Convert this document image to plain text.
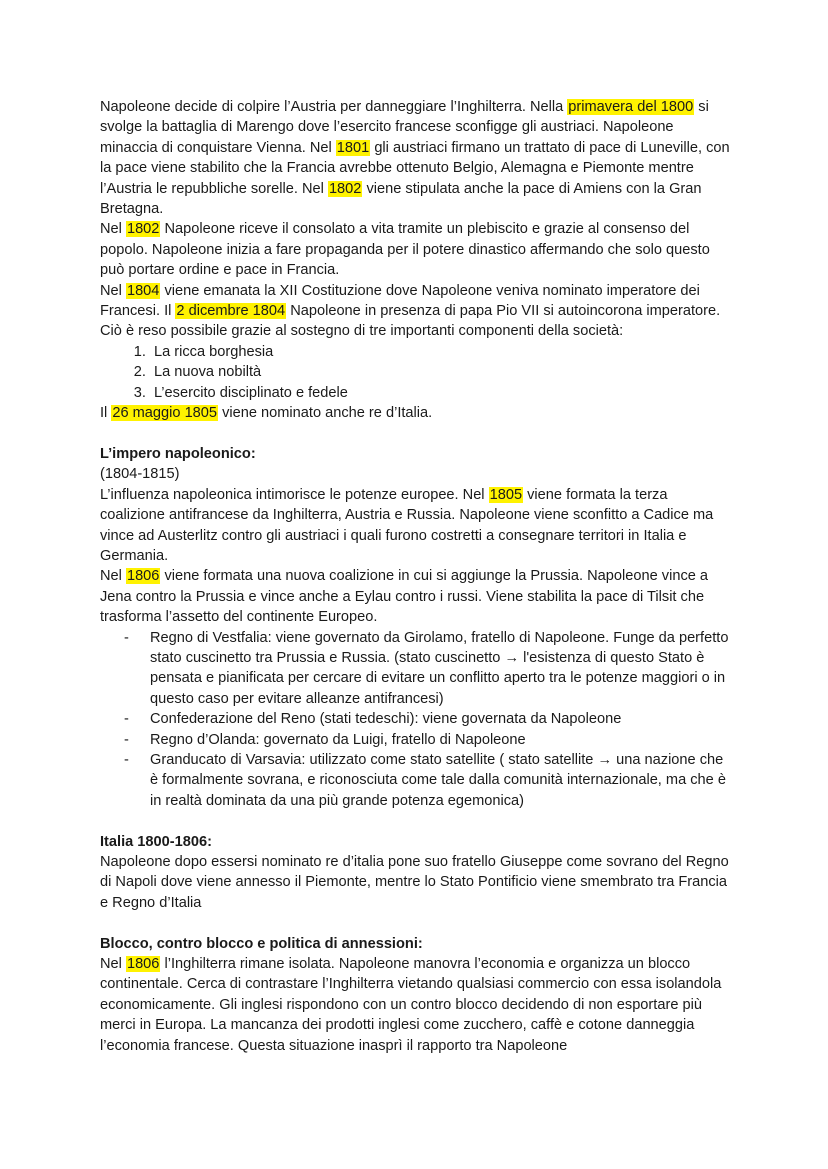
Napoleone decide di colpire l’Austria per danneggiare l’Inghilterra. Nella primavera del 1800 si svolge la battaglia di Marengo dove l’esercito francese sconfigge gli austriaci. Napoleone minaccia di conquistare Vienna. Nel 1801 gli austriaci firmano un trattato di pace di Luneville, con la pace viene stabilito che la Francia avrebbe ottenuto Belgio, Alemagna e Piemonte mentre l’Austria le repubbliche sorelle. Nel 1802 viene stipulata anche la pace di Amiens con la Gran Bretagna.

Nel 1802 Napoleone riceve il consolato a vita tramite un plebiscito e grazie al consenso del popolo. Napoleone inizia a fare propaganda per il potere dinastico affermando che solo questo può portare ordine e pace in Francia.

Nel 1804 viene emanata la XII Costituzione dove Napoleone veniva nominato imperatore dei Francesi. Il 2 dicembre 1804 Napoleone in presenza di papa Pio VII si autoincorona imperatore.

Ciò è reso possibile grazie al sostegno di tre importanti componenti della società:

1. La ricca borghesia
2. La nuova nobiltà
3. L’esercito disciplinato e fedele

Il 26 maggio 1805 viene nominato anche re d’Italia.

L’impero napoleonico:

(1804-1815)

L’influenza napoleonica intimorisce le potenze europee. Nel 1805 viene formata la terza coalizione antifrancese da Inghilterra, Austria e Russia. Napoleone viene sconfitto a Cadice ma vince ad Austerlitz contro gli austriaci i quali furono costretti a consegnare territori in Italia e Germania.

Nel 1806 viene formata una nuova coalizione in cui si aggiunge la Prussia. Napoleone vince a Jena contro la Prussia e vince anche a Eylau contro i russi. Viene stabilita la pace di Tilsit che trasforma l’assetto del continente Europeo.

- Regno di Vestfalia: viene governato da Girolamo, fratello di Napoleone. Funge da perfetto stato cuscinetto tra Prussia e Russia. (stato cuscinetto → l'esistenza di questo Stato è pensata e pianificata per cercare di evitare un conflitto aperto tra le potenze maggiori o in questo caso per evitare alleanze antifrancesi)
- Confederazione del Reno (stati tedeschi): viene governata da Napoleone
- Regno d’Olanda: governato da Luigi, fratello di Napoleone
- Granducato di Varsavia: utilizzato come stato satellite ( stato satellite → una nazione che è formalmente sovrana, e riconosciuta come tale dalla comunità internazionale, ma che è in realtà dominata da una più grande potenza egemonica)
Italia 1800-1806:

Napoleone dopo essersi nominato re d’italia pone suo fratello Giuseppe come sovrano del Regno di Napoli dove viene annesso il Piemonte, mentre lo Stato Pontificio viene smembrato tra Francia e Regno d’Italia

Blocco, contro blocco e politica di annessioni:

Nel 1806 l’Inghilterra rimane isolata. Napoleone manovra l’economia e organizza un blocco continentale. Cerca di contrastare l’Inghilterra vietando qualsiasi commercio con essa isolandola economicamente. Gli inglesi rispondono con un contro blocco decidendo di non esportare più merci in Europa. La mancanza dei prodotti inglesi come zucchero, caffè e cotone danneggia l’economia francese. Questa situazione inasprì il rapporto tra Napoleone
